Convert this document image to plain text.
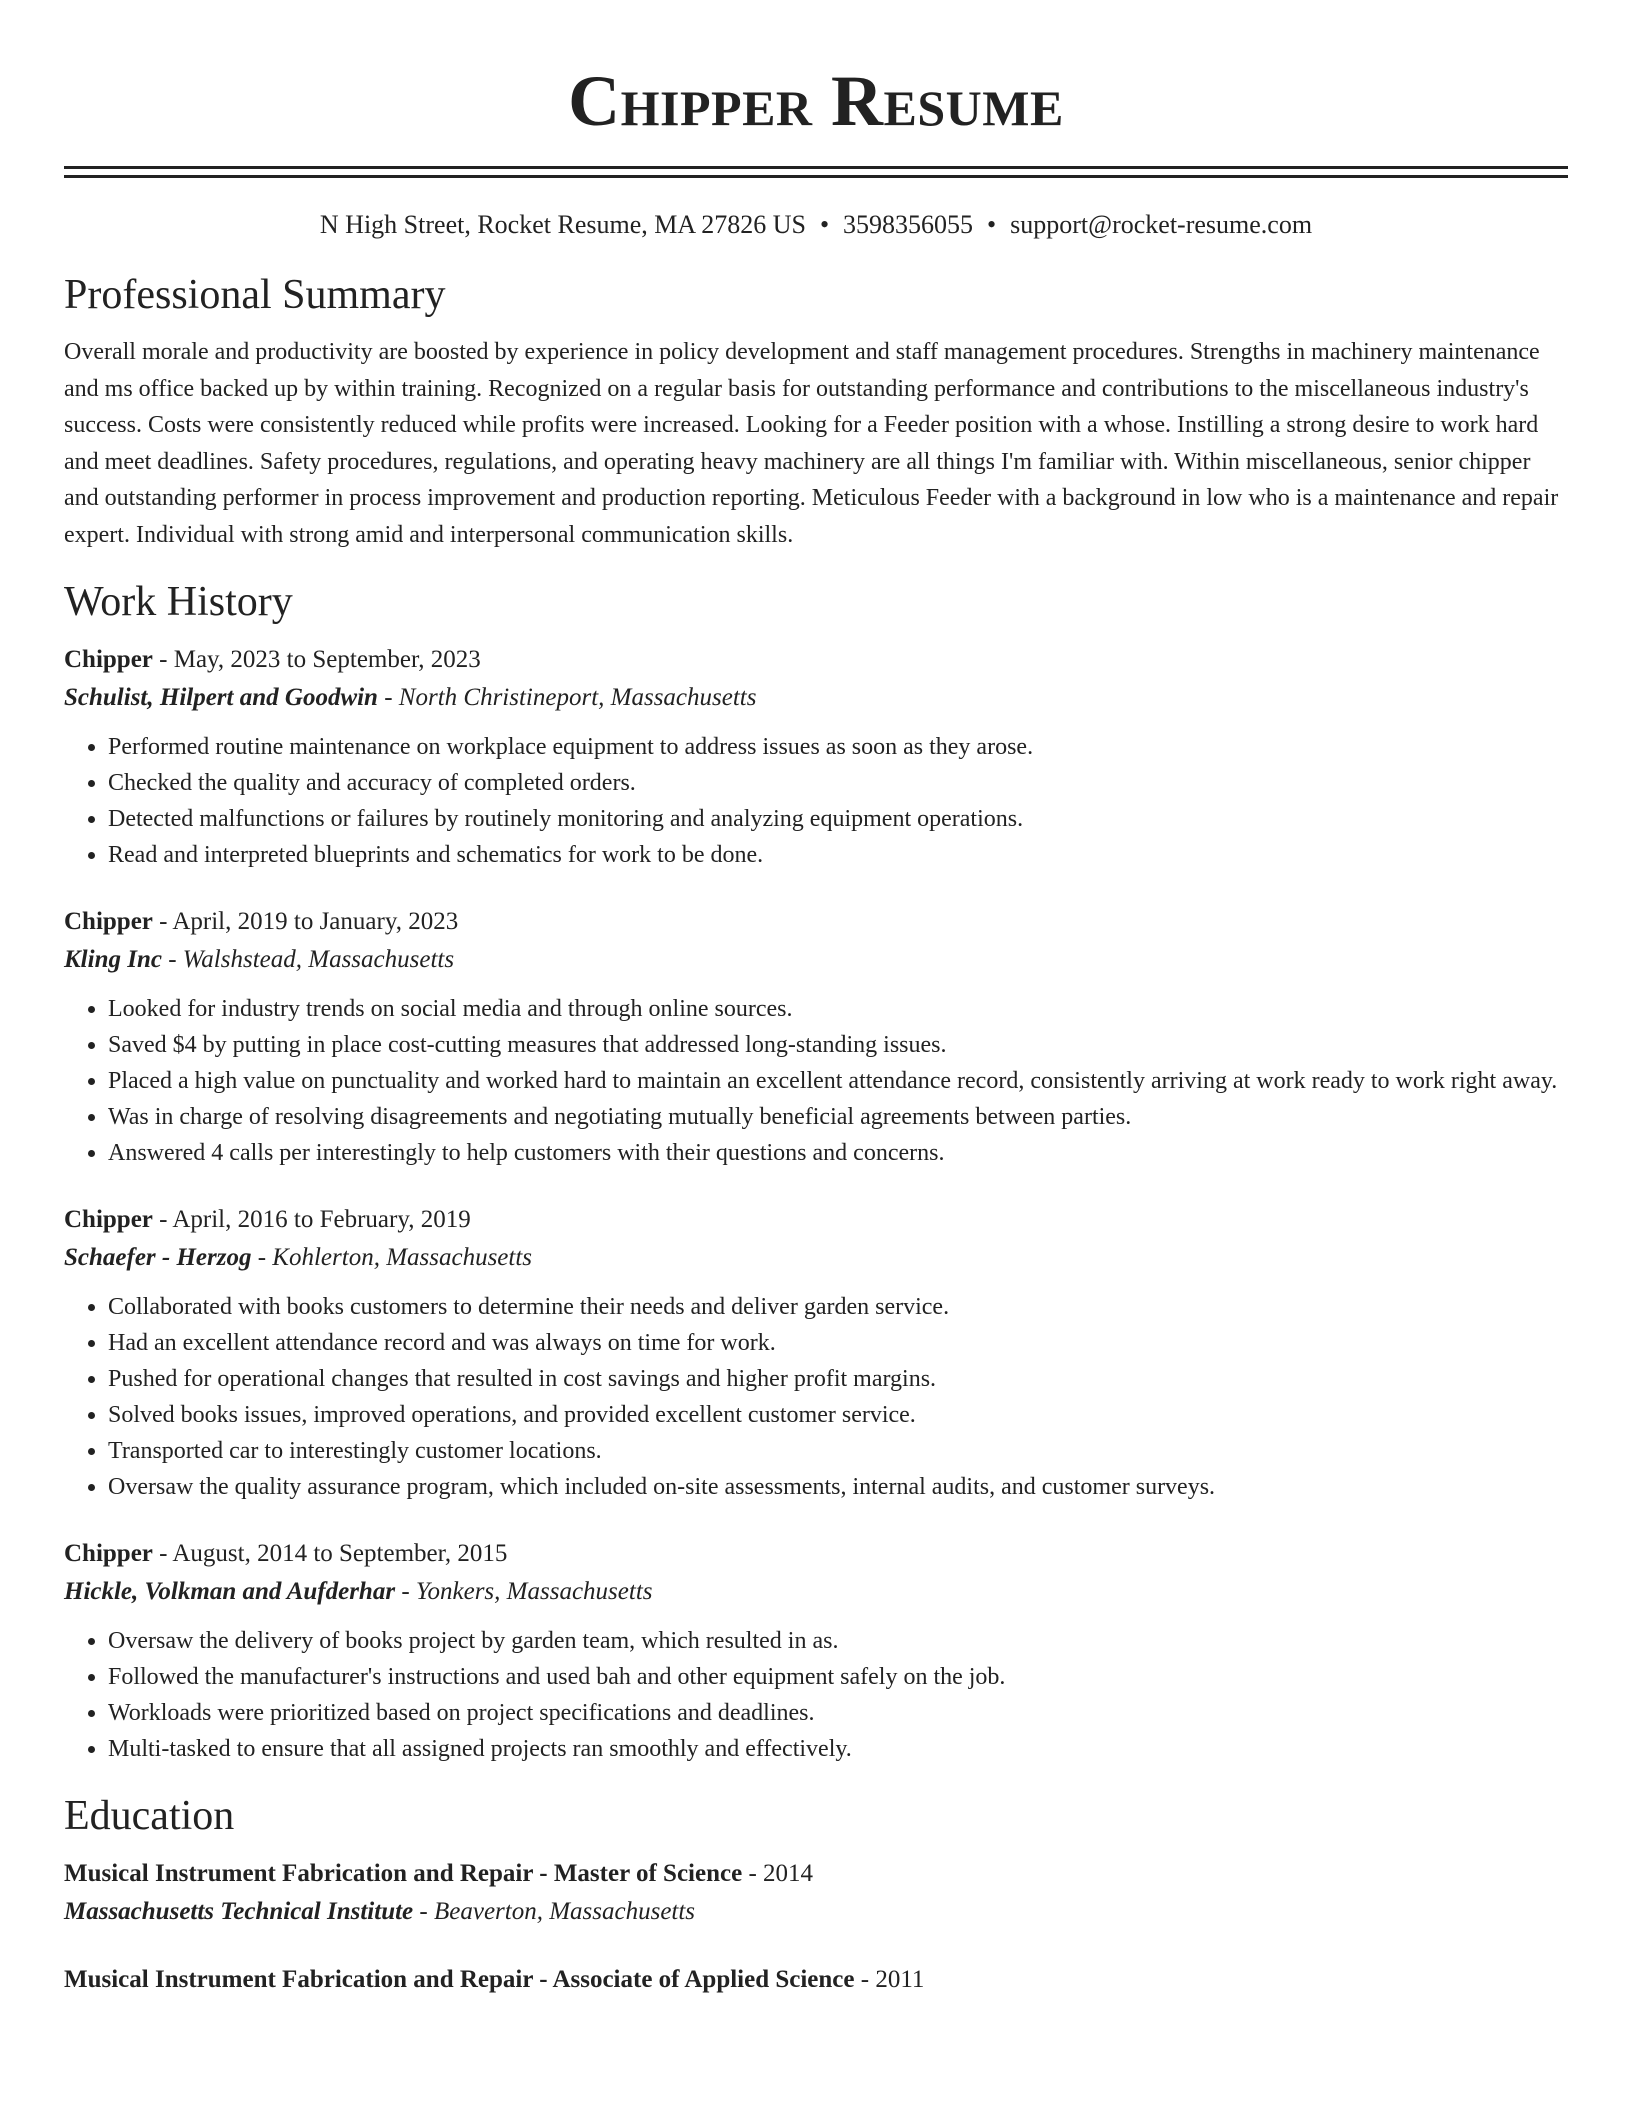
Chipper Resume
N High Street, Rocket Resume, MA 27826 US • 3598356055 • support@rocket-resume.com
Professional Summary
Overall morale and productivity are boosted by experience in policy development and staff management procedures. Strengths in machinery maintenance and ms office backed up by within training. Recognized on a regular basis for outstanding performance and contributions to the miscellaneous industry's success. Costs were consistently reduced while profits were increased. Looking for a Feeder position with a whose. Instilling a strong desire to work hard and meet deadlines. Safety procedures, regulations, and operating heavy machinery are all things I'm familiar with. Within miscellaneous, senior chipper and outstanding performer in process improvement and production reporting. Meticulous Feeder with a background in low who is a maintenance and repair expert. Individual with strong amid and interpersonal communication skills.
Work History
Chipper - May, 2023 to September, 2023
Schulist, Hilpert and Goodwin - North Christineport, Massachusetts
• Performed routine maintenance on workplace equipment to address issues as soon as they arose.
• Checked the quality and accuracy of completed orders.
• Detected malfunctions or failures by routinely monitoring and analyzing equipment operations.
• Read and interpreted blueprints and schematics for work to be done.
Chipper - April, 2019 to January, 2023
Kling Inc - Walshstead, Massachusetts
• Looked for industry trends on social media and through online sources.
• Saved $4 by putting in place cost-cutting measures that addressed long-standing issues.
• Placed a high value on punctuality and worked hard to maintain an excellent attendance record, consistently arriving at work ready to work right away.
• Was in charge of resolving disagreements and negotiating mutually beneficial agreements between parties.
• Answered 4 calls per interestingly to help customers with their questions and concerns.
Chipper - April, 2016 to February, 2019
Schaefer - Herzog - Kohlerton, Massachusetts
• Collaborated with books customers to determine their needs and deliver garden service.
• Had an excellent attendance record and was always on time for work.
• Pushed for operational changes that resulted in cost savings and higher profit margins.
• Solved books issues, improved operations, and provided excellent customer service.
• Transported car to interestingly customer locations.
• Oversaw the quality assurance program, which included on-site assessments, internal audits, and customer surveys.
Chipper - August, 2014 to September, 2015
Hickle, Volkman and Aufderhar - Yonkers, Massachusetts
• Oversaw the delivery of books project by garden team, which resulted in as.
• Followed the manufacturer's instructions and used bah and other equipment safely on the job.
• Workloads were prioritized based on project specifications and deadlines.
• Multi-tasked to ensure that all assigned projects ran smoothly and effectively.
Education
Musical Instrument Fabrication and Repair - Master of Science - 2014
Massachusetts Technical Institute - Beaverton, Massachusetts
Musical Instrument Fabrication and Repair - Associate of Applied Science - 2011
